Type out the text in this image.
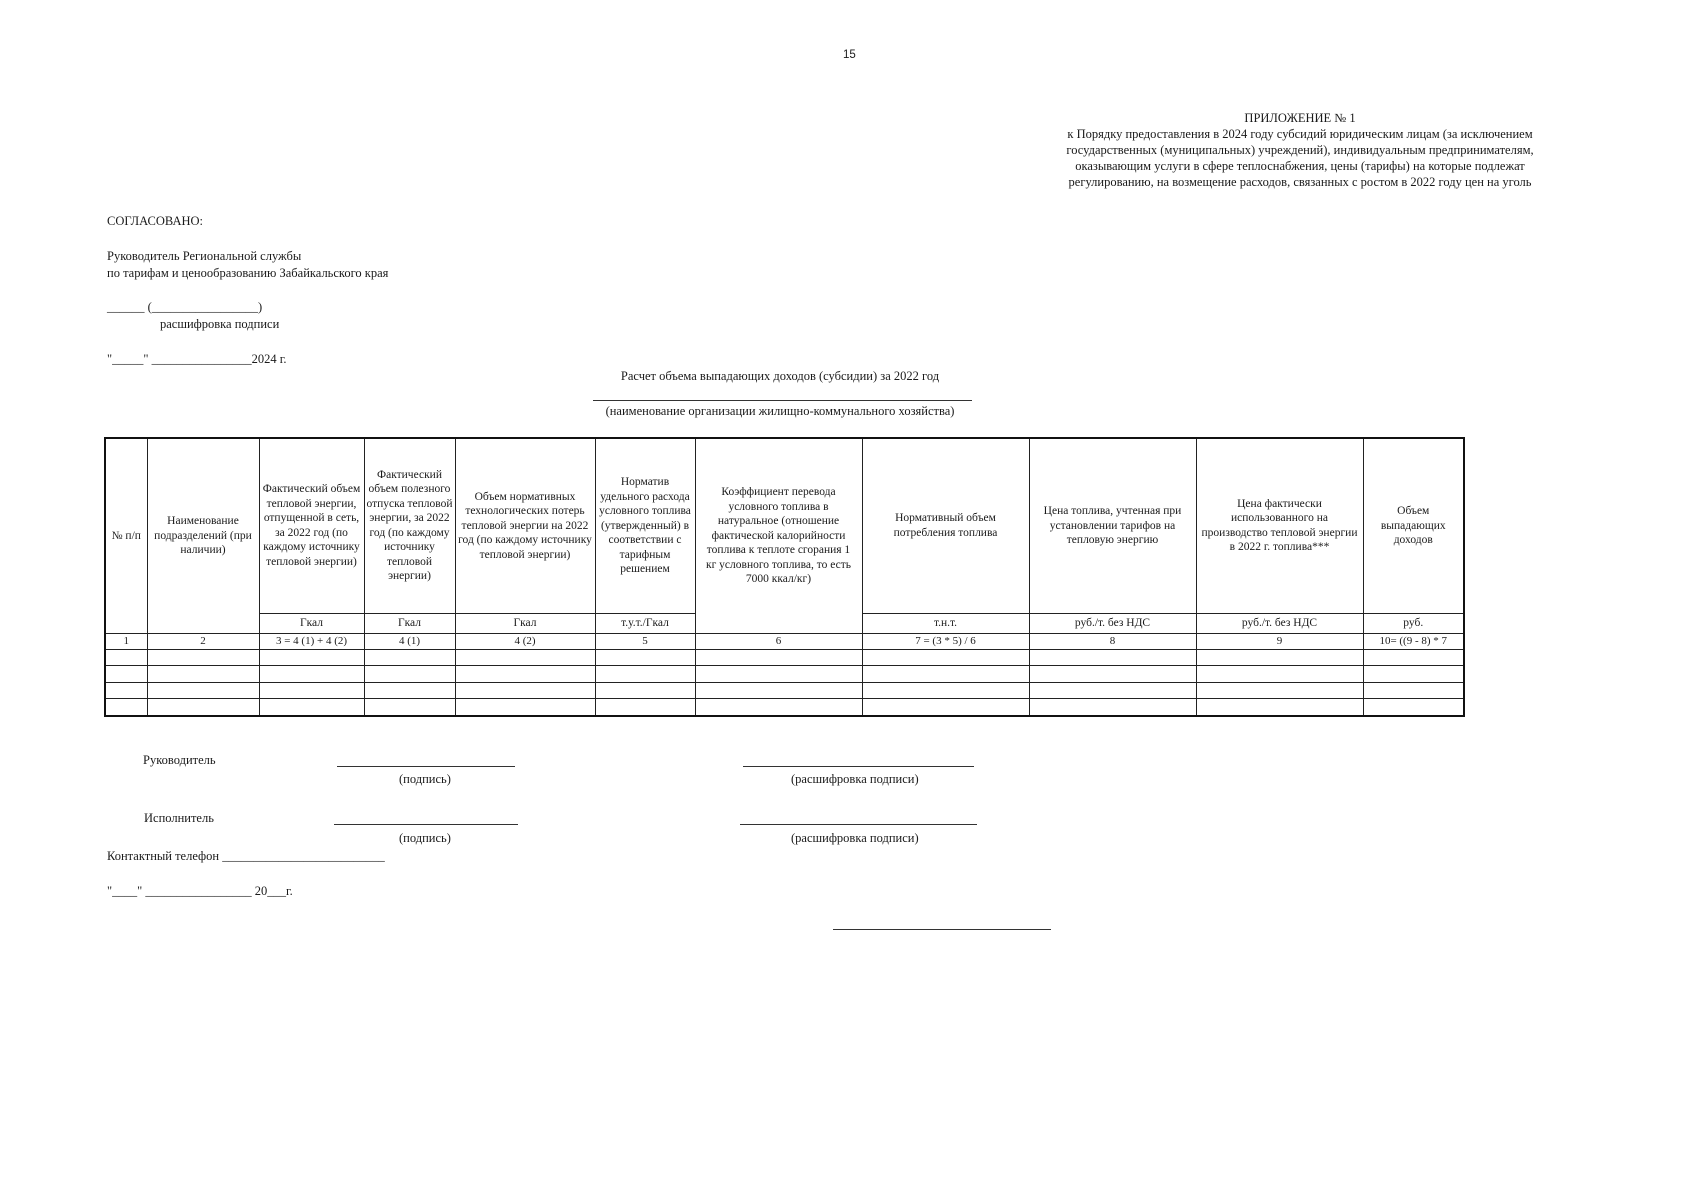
15
ПРИЛОЖЕНИЕ № 1
к Порядку предоставления в 2024 году субсидий юридическим лицам (за исключением
государственных (муниципальных) учреждений), индивидуальным предпринимателям,
оказывающим услуги в сфере теплоснабжения, цены (тарифы) на которые подлежат
регулированию, на возмещение расходов, связанных с ростом в 2022 году цен на уголь
СОГЛАСОВАНО:
Руководитель Региональной службы
по тарифам и ценообразованию Забайкальского края
______ (_________________)
расшифровка подписи
"_____" ________________2024 г.
Расчет объема выпадающих доходов (субсидии) за 2022 год
(наименование организации жилищно-коммунального хозяйства)
№ п/п	Наименование подразделений (при наличии)	Фактический объем тепловой энергии, отпущенной в сеть, за 2022 год (по каждому источнику тепловой энергии)	Фактический объем полезного отпуска тепловой энергии, за 2022 год (по каждому источнику тепловой энергии)	Объем нормативных технологических потерь тепловой энергии на 2022 год (по каждому источнику тепловой энергии)	Норматив удельного расхода условного топлива (утвержденный) в соответствии с тарифным решением	Коэффициент перевода условного топлива в натуральное (отношение фактической калорийности топлива к теплоте сгорания 1 кг условного топлива, то есть 7000 ккал/кг)	Нормативный объем потребления топлива	Цена топлива, учтенная при установлении тарифов на тепловую энергию	Цена фактически использованного на производство тепловой энергии в 2022 г. топлива***	Объем выпадающих доходов
		Гкал	Гкал	Гкал	т.у.т./Гкал		т.н.т.	руб./т. без НДС	руб./т. без НДС	руб.
1	2	3 = 4 (1) + 4 (2)	4 (1)	4 (2)	5	6	7 = (3 * 5) / 6	8	9	10= ((9 - 8) * 7

Руководитель
(подпись)	(расшифровка подписи)
Исполнитель
(подпись)	(расшифровка подписи)
Контактный телефон __________________________
"____" _________________ 20___г.
